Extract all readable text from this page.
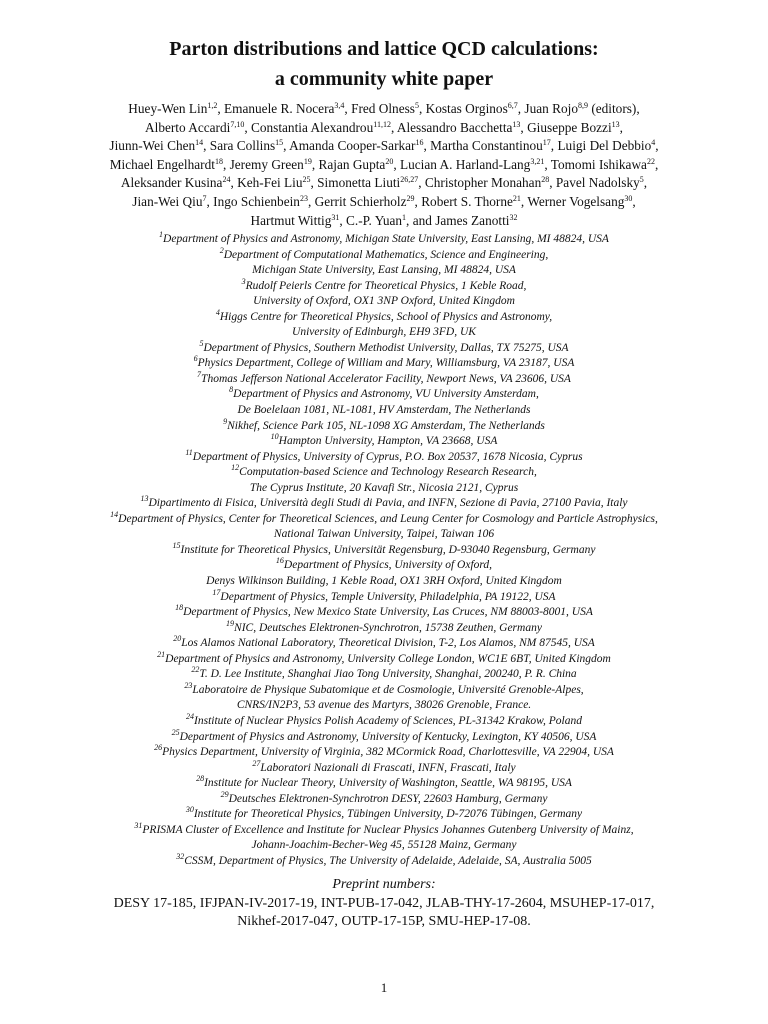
Parton distributions and lattice QCD calculations:
a community white paper
Huey-Wen Lin$^{1,2}$, Emanuele R. Nocera$^{3,4}$, Fred Olness$^5$, Kostas Orginos$^{6,7}$, Juan Rojo$^{8,9}$ (editors),
Alberto Accardi$^{7,10}$, Constantia Alexandrou$^{11,12}$, Alessandro Bacchetta$^{13}$, Giuseppe Bozzi$^{13}$,
Jiunn-Wei Chen$^{14}$, Sara Collins$^{15}$, Amanda Cooper-Sarkar$^{16}$, Martha Constantinou$^{17}$, Luigi Del Debbio$^4$,
Michael Engelhardt$^{18}$, Jeremy Green$^{19}$, Rajan Gupta$^{20}$, Lucian A. Harland-Lang$^{3,21}$, Tomomi Ishikawa$^{22}$,
Aleksander Kusina$^{24}$, Keh-Fei Liu$^{25}$, Simonetta Liuti$^{26,27}$, Christopher Monahan$^{28}$, Pavel Nadolsky$^5$,
Jian-Wei Qiu$^7$, Ingo Schienbein$^{23}$, Gerrit Schierholz$^{29}$, Robert S. Thorne$^{21}$, Werner Vogelsang$^{30}$,
Hartmut Wittig$^{31}$, C.-P. Yuan$^1$, and James Zanotti$^{32}$
$^1$Department of Physics and Astronomy, Michigan State University, East Lansing, MI 48824, USA
$^2$Department of Computational Mathematics, Science and Engineering,
Michigan State University, East Lansing, MI 48824, USA
$^3$Rudolf Peierls Centre for Theoretical Physics, 1 Keble Road,
University of Oxford, OX1 3NP Oxford, United Kingdom
$^4$Higgs Centre for Theoretical Physics, School of Physics and Astronomy,
University of Edinburgh, EH9 3FD, UK
$^5$Department of Physics, Southern Methodist University, Dallas, TX 75275, USA
$^6$Physics Department, College of William and Mary, Williamsburg, VA 23187, USA
$^7$Thomas Jefferson National Accelerator Facility, Newport News, VA 23606, USA
$^8$Department of Physics and Astronomy, VU University Amsterdam,
De Boelelaan 1081, NL-1081, HV Amsterdam, The Netherlands
$^9$Nikhef, Science Park 105, NL-1098 XG Amsterdam, The Netherlands
$^{10}$Hampton University, Hampton, VA 23668, USA
$^{11}$Department of Physics, University of Cyprus, P.O. Box 20537, 1678 Nicosia, Cyprus
$^{12}$Computation-based Science and Technology Research Research,
The Cyprus Institute, 20 Kavafi Str., Nicosia 2121, Cyprus
$^{13}$Dipartimento di Fisica, Università degli Studi di Pavia, and INFN, Sezione di Pavia, 27100 Pavia, Italy
$^{14}$Department of Physics, Center for Theoretical Sciences, and Leung Center for Cosmology and Particle Astrophysics,
National Taiwan University, Taipei, Taiwan 106
$^{15}$Institute for Theoretical Physics, Universität Regensburg, D-93040 Regensburg, Germany
$^{16}$Department of Physics, University of Oxford,
Denys Wilkinson Building, 1 Keble Road, OX1 3RH Oxford, United Kingdom
$^{17}$Department of Physics, Temple University, Philadelphia, PA 19122, USA
$^{18}$Department of Physics, New Mexico State University, Las Cruces, NM 88003-8001, USA
$^{19}$NIC, Deutsches Elektronen-Synchrotron, 15738 Zeuthen, Germany
$^{20}$Los Alamos National Laboratory, Theoretical Division, T-2, Los Alamos, NM 87545, USA
$^{21}$Department of Physics and Astronomy, University College London, WC1E 6BT, United Kingdom
$^{22}$T. D. Lee Institute, Shanghai Jiao Tong University, Shanghai, 200240, P. R. China
$^{23}$Laboratoire de Physique Subatomique et de Cosmologie, Université Grenoble-Alpes,
CNRS/IN2P3, 53 avenue des Martyrs, 38026 Grenoble, France.
$^{24}$Institute of Nuclear Physics Polish Academy of Sciences, PL-31342 Krakow, Poland
$^{25}$Department of Physics and Astronomy, University of Kentucky, Lexington, KY 40506, USA
$^{26}$Physics Department, University of Virginia, 382 MCormick Road, Charlottesville, VA 22904, USA
$^{27}$Laboratori Nazionali di Frascati, INFN, Frascati, Italy
$^{28}$Institute for Nuclear Theory, University of Washington, Seattle, WA 98195, USA
$^{29}$Deutsches Elektronen-Synchrotron DESY, 22603 Hamburg, Germany
$^{30}$Institute for Theoretical Physics, Tübingen University, D-72076 Tübingen, Germany
$^{31}$PRISMA Cluster of Excellence and Institute for Nuclear Physics Johannes Gutenberg University of Mainz,
Johann-Joachim-Becher-Weg 45, 55128 Mainz, Germany
$^{32}$CSSM, Department of Physics, The University of Adelaide, Adelaide, SA, Australia 5005
Preprint numbers:
DESY 17-185, IFJPAN-IV-2017-19, INT-PUB-17-042, JLAB-THY-17-2604, MSUHEP-17-017,
Nikhef-2017-047, OUTP-17-15P, SMU-HEP-17-08.
1
